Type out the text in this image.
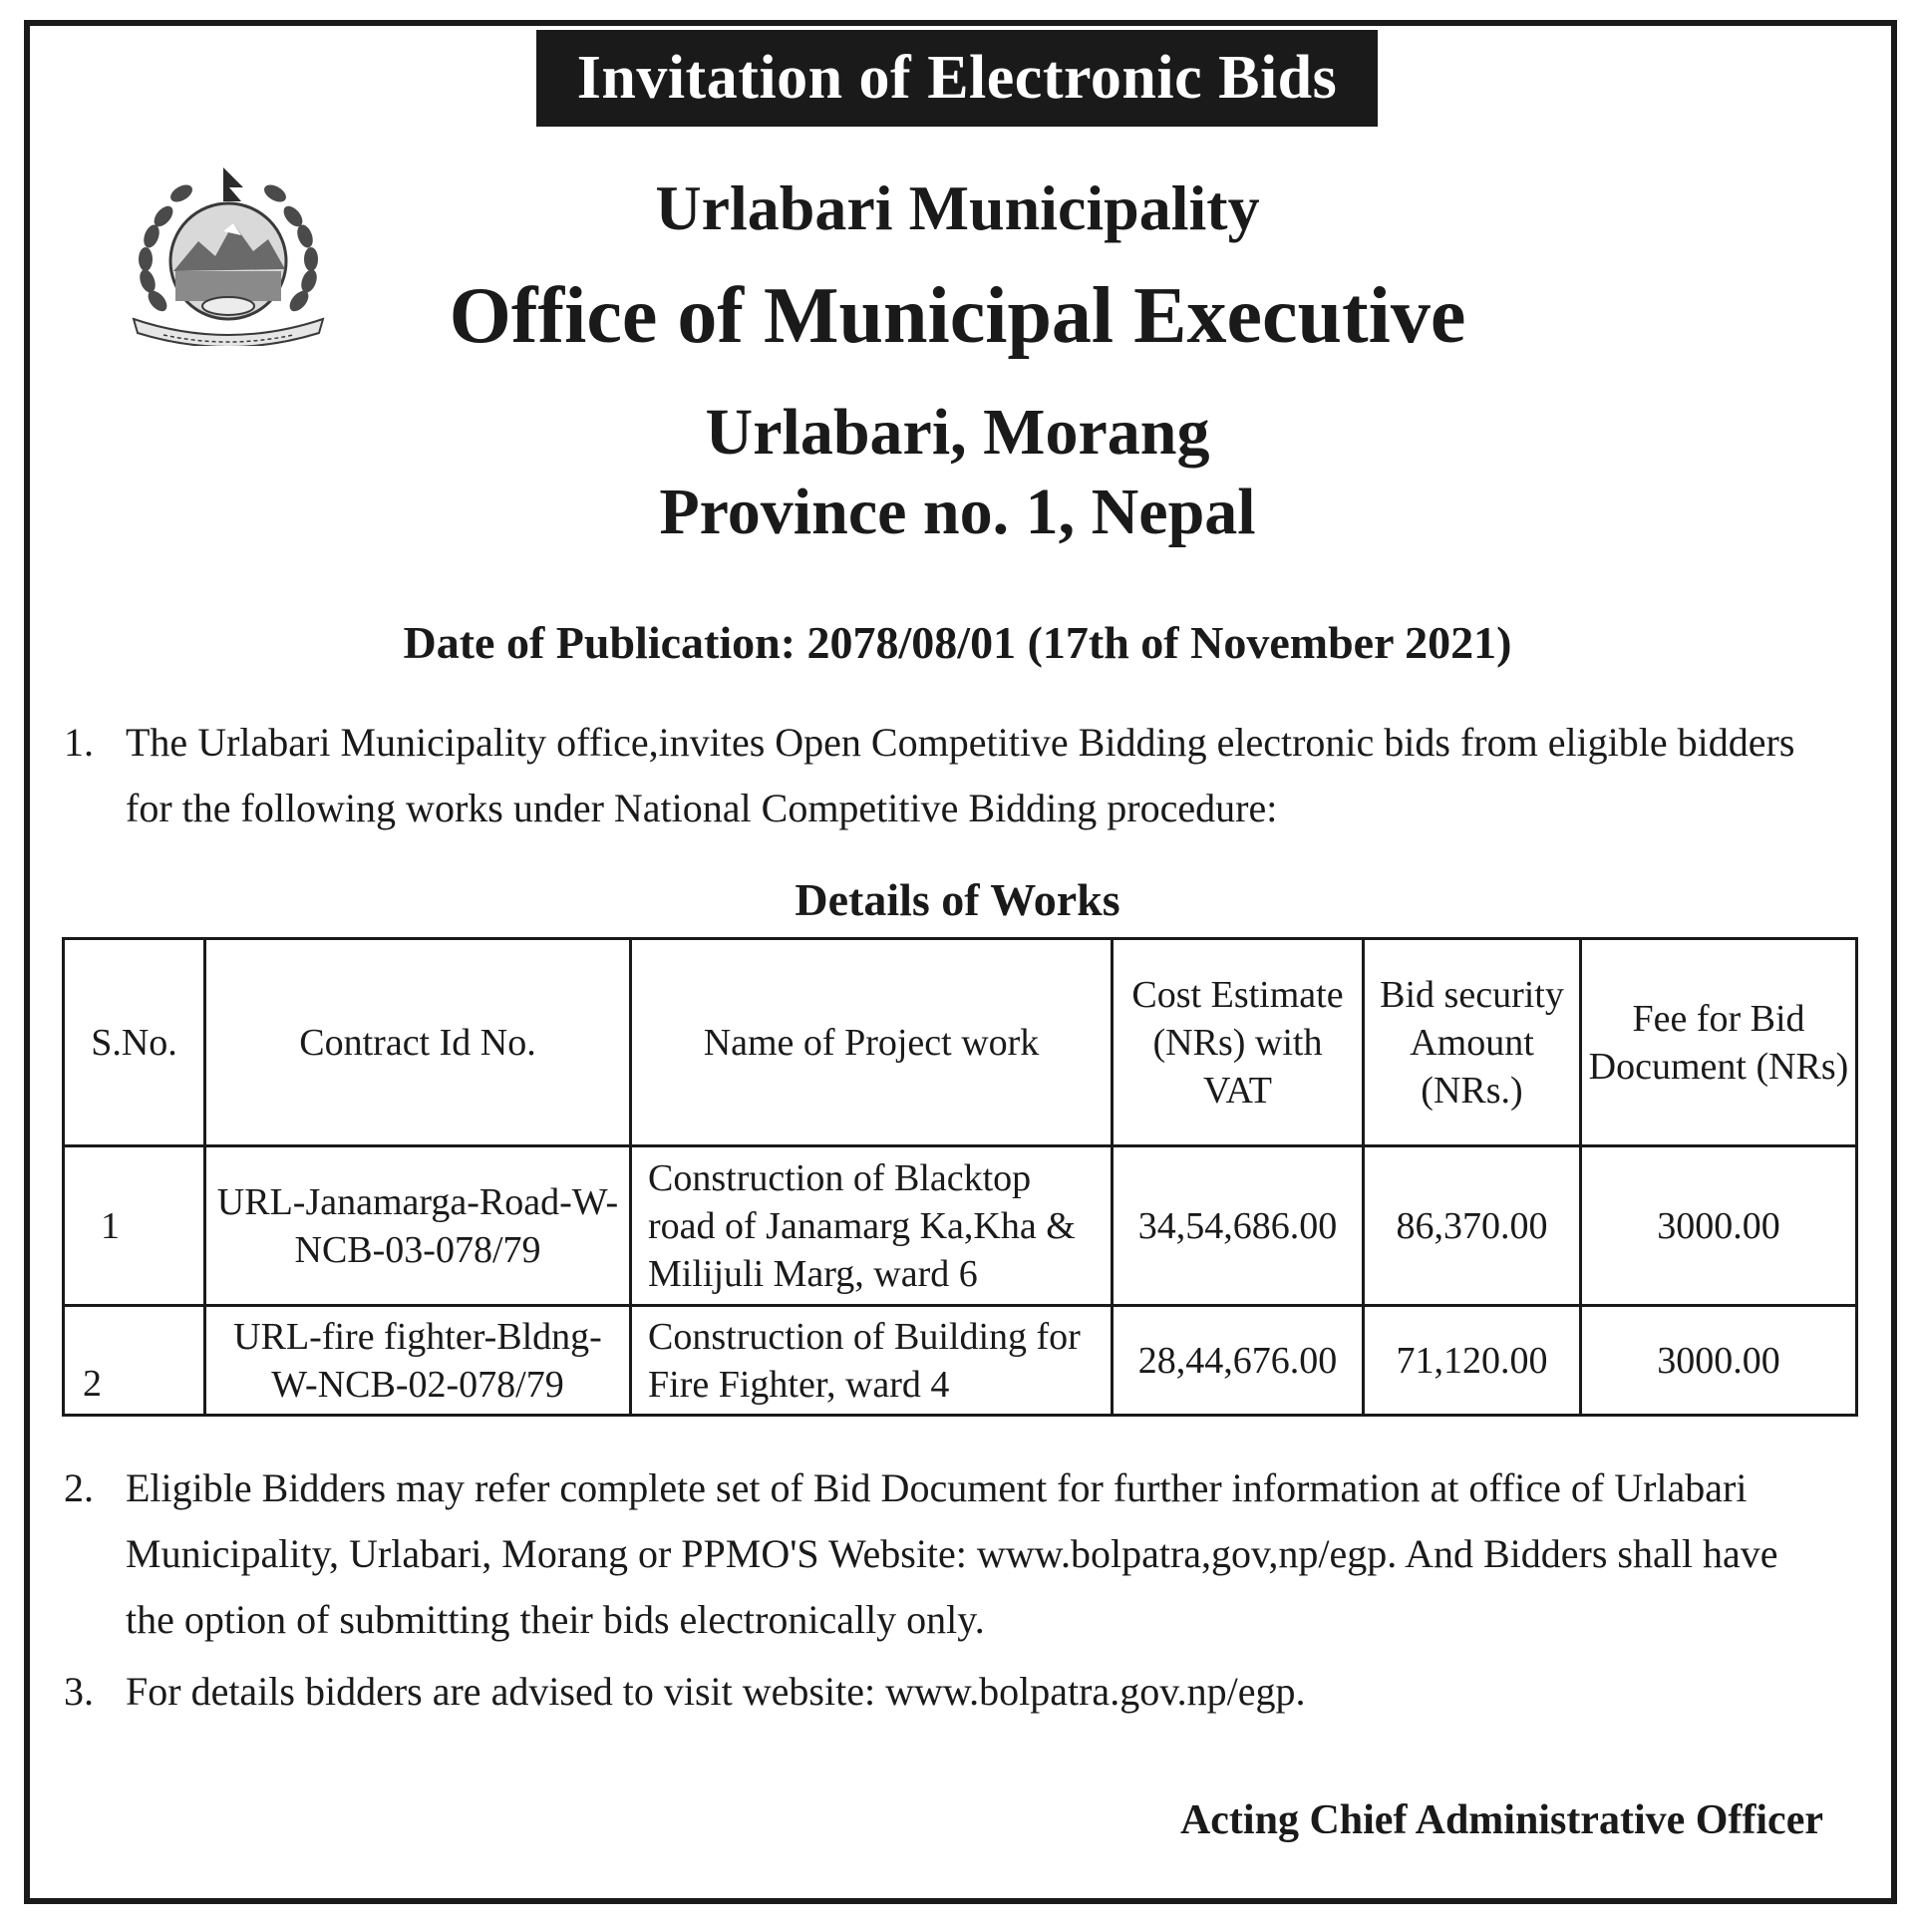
Invitation of Electronic Bids
Urlabari Municipality
Office of Municipal Executive
Urlabari, Morang
Province no. 1, Nepal
Date of Publication: 2078/08/01 (17th of November 2021)
1. The Urlabari Municipality office,invites Open Competitive Bidding electronic bids from eligible bidders for the following works under National Competitive Bidding procedure:
Details of Works
S.No.	Contract Id No.	Name of Project work	Cost Estimate (NRs) with VAT	Bid security Amount (NRs.)	Fee for Bid Document (NRs)
1	URL-Janamarga-Road-W-NCB-03-078/79	Construction of Blacktop road of Janamarg Ka,Kha & Milijuli Marg, ward 6	34,54,686.00	86,370.00	3000.00
2	URL-fire fighter-Bldng-W-NCB-02-078/79	Construction of Building for Fire Fighter, ward 4	28,44,676.00	71,120.00	3000.00
2. Eligible Bidders may refer complete set of Bid Document for further information at office of Urlabari Municipality, Urlabari, Morang or PPMO'S Website: www.bolpatra,gov,np/egp. And Bidders shall have the option of submitting their bids electronically only.
3. For details bidders are advised to visit website: www.bolpatra.gov.np/egp.
Acting Chief Administrative Officer
